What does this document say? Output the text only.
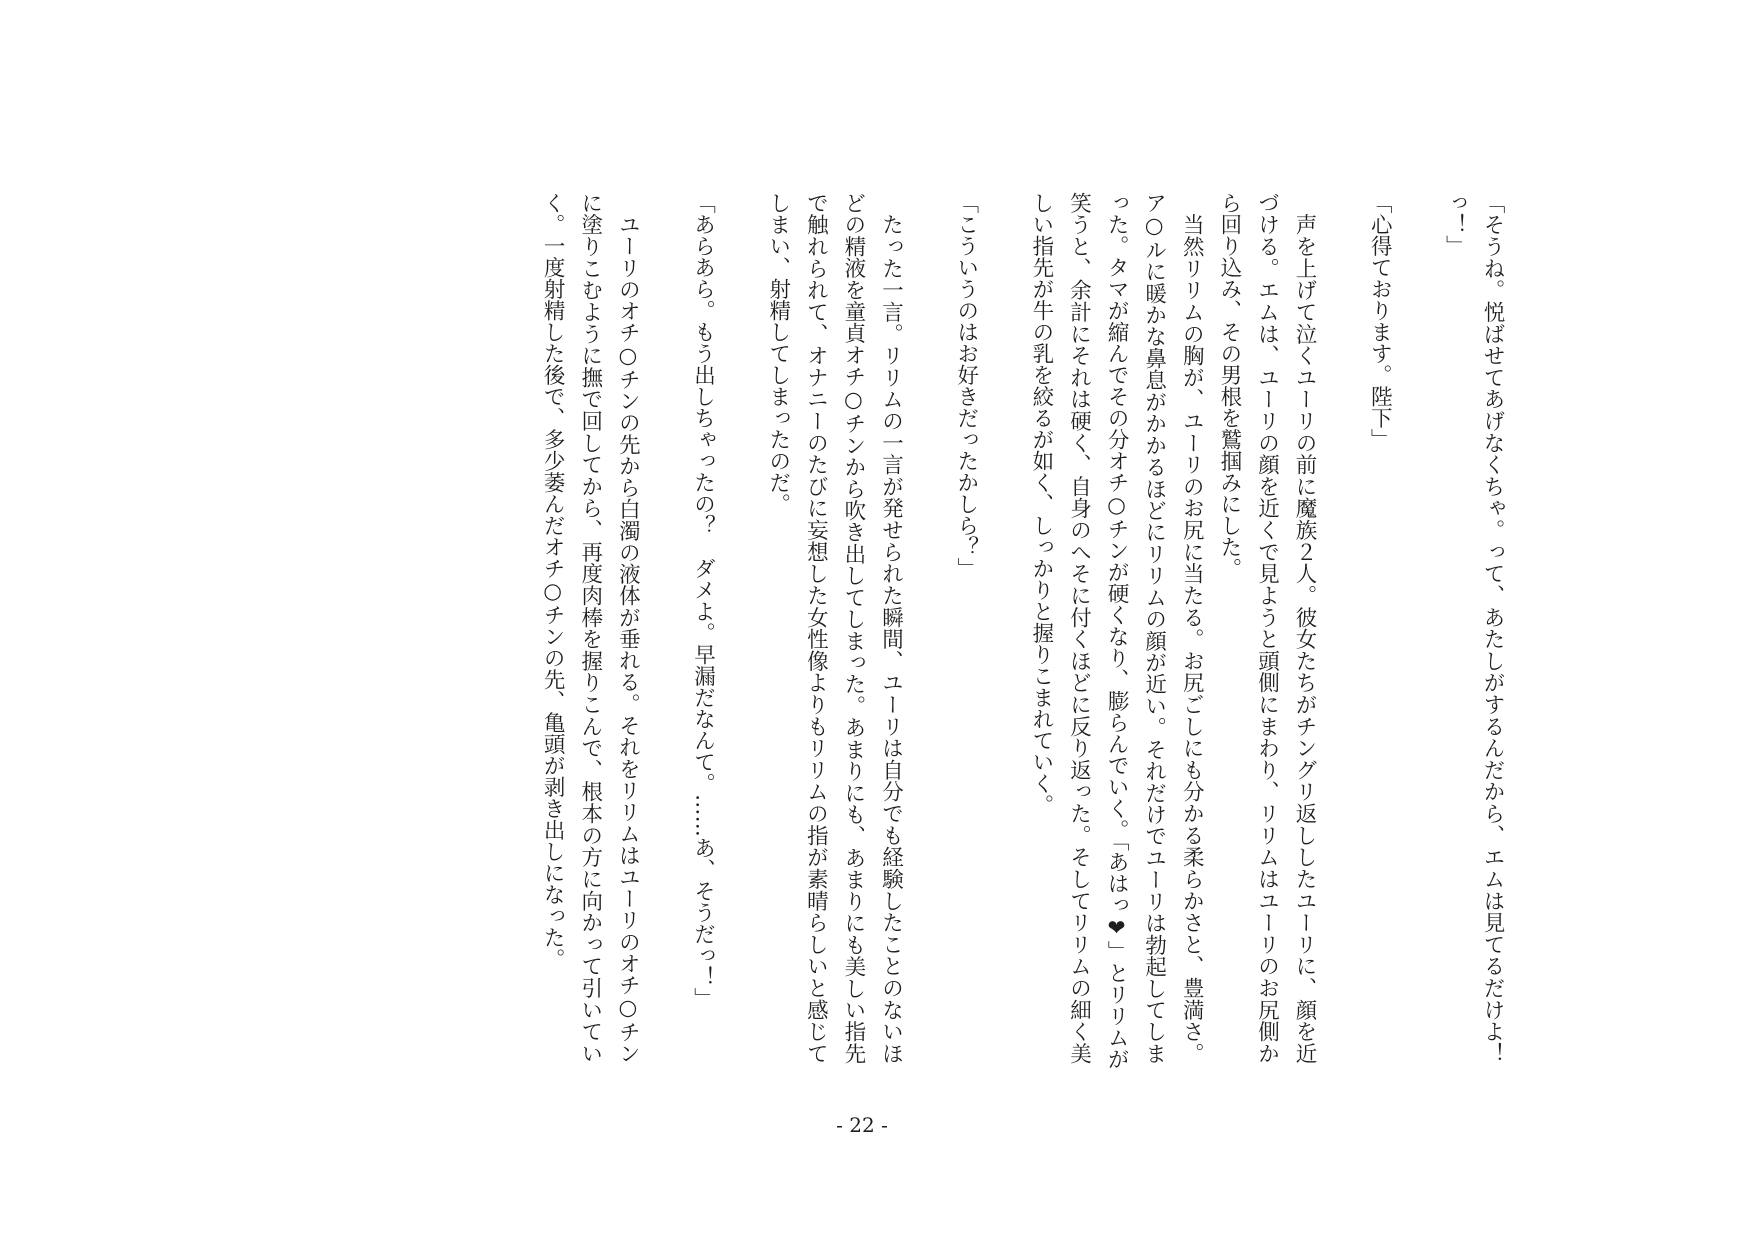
「そうね。悦ばせてあげなくちゃ。って、あたしがするんだから、エムは見てるだけよ！
っ！」
「心得ております。陛下」
　声を上げて泣くユーリの前に魔族２人。彼女たちがチングリ返ししたユーリに、顔を近
づける。エムは、ユーリの顔を近くで見ようと頭側にまわり、リリムはユーリのお尻側か
ら回り込み、その男根を鷲掴みにした。
　当然リリムの胸が、ユーリのお尻に当たる。お尻ごしにも分かる柔らかさと、豊満さ。
ア○ルに暖かな鼻息がかかるほどにリリムの顔が近い。それだけでユーリは勃起してしま
った。タマが縮んでその分オチ○チンが硬くなり、膨らんでいく。「あはっ❤」とリリムが
笑うと、余計にそれは硬く、自身のへそに付くほどに反り返った。そしてリリムの細く美
しい指先が牛の乳を絞るが如く、しっかりと握りこまれていく。
「こういうのはお好きだったかしら？」
　たった一言。リリムの一言が発せられた瞬間、ユーリは自分でも経験したことのないほ
どの精液を童貞オチ○チンから吹き出してしまった。あまりにも、あまりにも美しい指先
で触れられて、オナニーのたびに妄想した女性像よりもリリムの指が素晴らしいと感じて
しまい、射精してしまったのだ。
「あらあら。もう出しちゃったの？　ダメよ。早漏だなんて。……あ、そうだっ！」
　ユーリのオチ○チンの先から白濁の液体が垂れる。それをリリムはユーリのオチ○チン
に塗りこむように撫で回してから、再度肉棒を握りこんで、根本の方に向かって引いてい
く。一度射精した後で、多少萎んだオチ○チンの先、亀頭が剥き出しになった。
- 22 -
